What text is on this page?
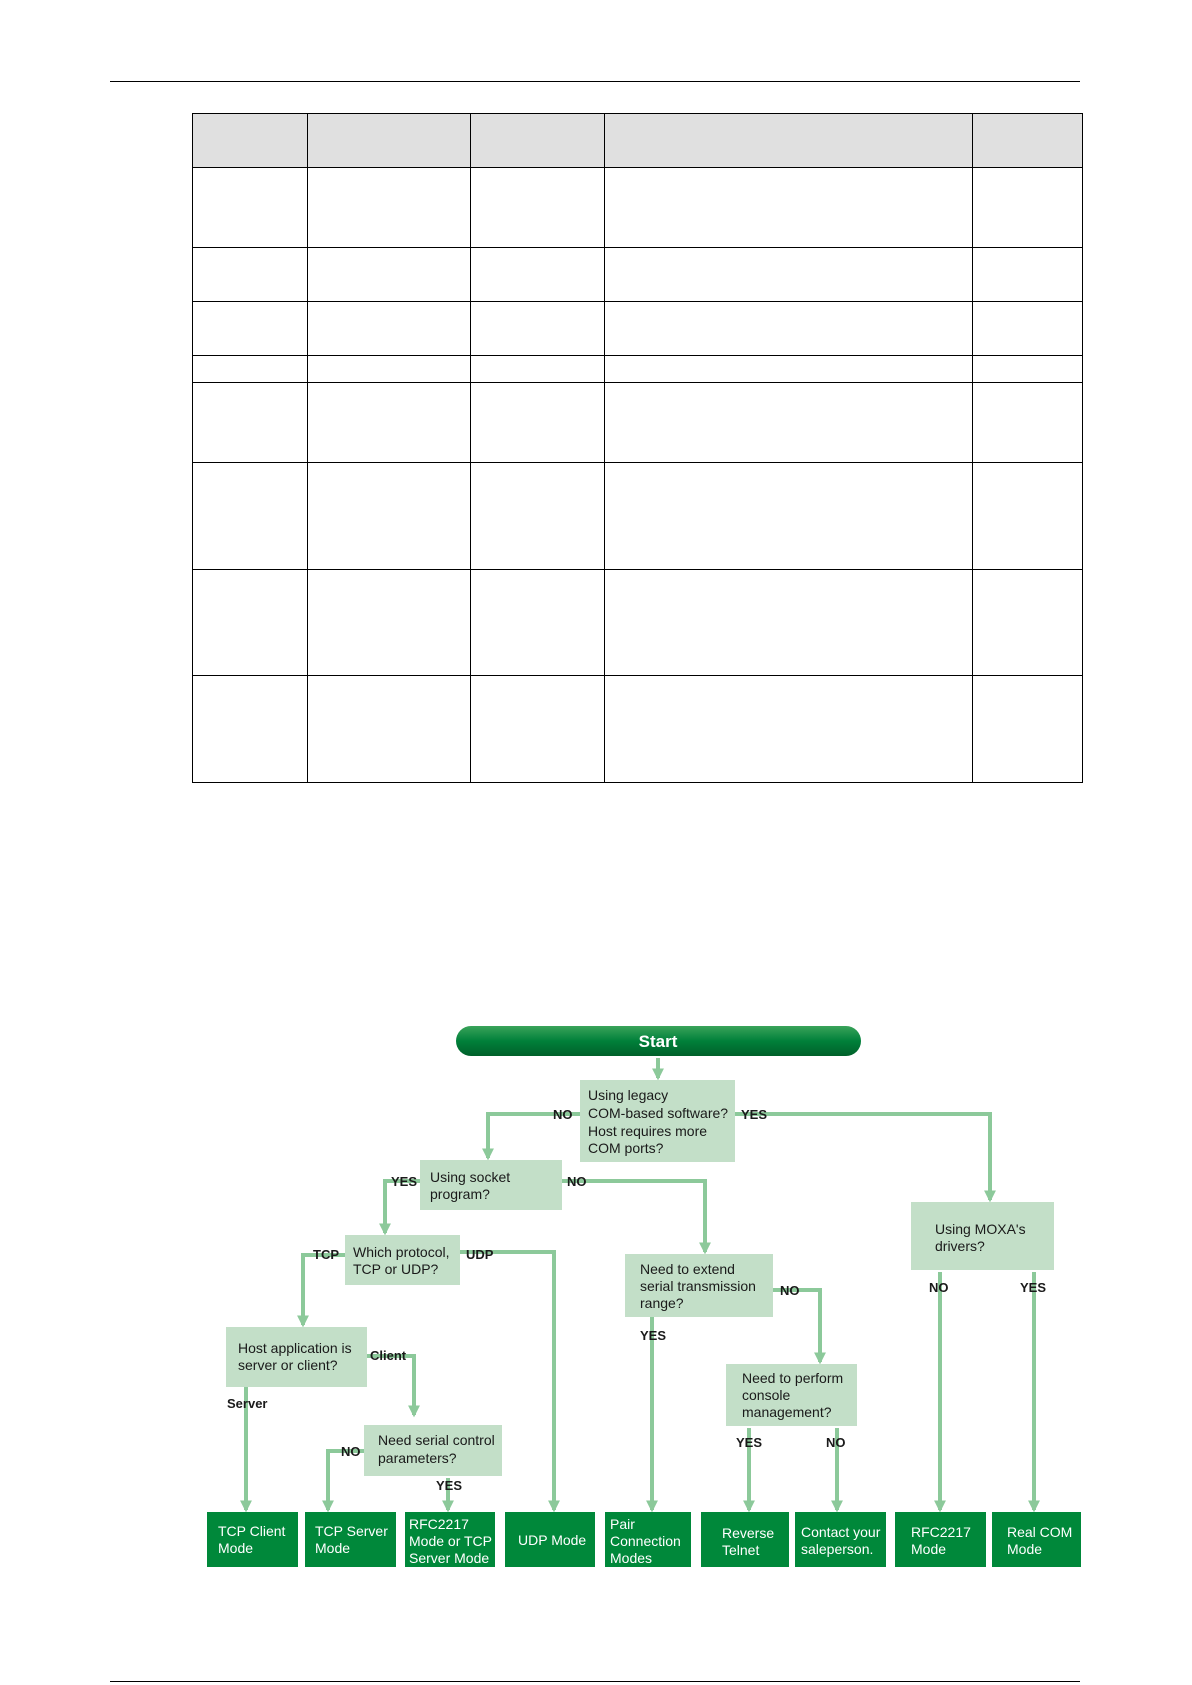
Start
Using legacy COM-based software? Host requires more COM ports?
Using socket program?
Which protocol, TCP or UDP?
Host application is server or client?
Need serial control parameters?
Need to extend serial transmission range?
Need to perform console management?
Using MOXA's drivers?
NO	YES
YES	NO
TCP	UDP
Client
Server
NO
YES
YES
NO
YES	NO
NO	YES
TCP Client Mode
TCP Server Mode
RFC2217 Mode or TCP Server Mode
UDP Mode
Pair Connection Modes
Reverse Telnet
Contact your saleperson.
RFC2217 Mode
Real COM Mode
